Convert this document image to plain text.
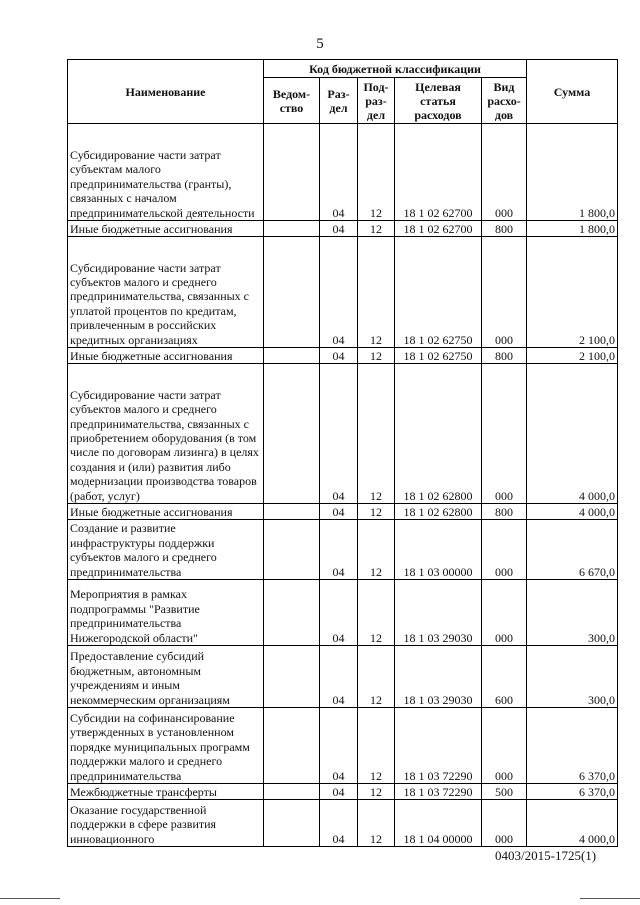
5
Наименование	Код бюджетной классификации					Сумма
	Ведом-ство	Раз-дел	Под-раз-дел	Целевая статья расходов	Вид расхо-дов	
Субсидирование части затрат субъектам малого предпринимательства (гранты), связанных с началом предпринимательской деятельности		04	12	18 1 02 62700	000	1 800,0
Иные бюджетные ассигнования		04	12	18 1 02 62700	800	1 800,0
Субсидирование части затрат субъектов малого и среднего предпринимательства, связанных с уплатой процентов по кредитам, привлеченным в российских кредитных организациях		04	12	18 1 02 62750	000	2 100,0
Иные бюджетные ассигнования		04	12	18 1 02 62750	800	2 100,0
Субсидирование части затрат субъектов малого и среднего предпринимательства, связанных с приобретением оборудования (в том числе по договорам лизинга) в целях создания и (или) развития либо модернизации производства товаров (работ, услуг)		04	12	18 1 02 62800	000	4 000,0
Иные бюджетные ассигнования		04	12	18 1 02 62800	800	4 000,0
Создание и развитие инфраструктуры поддержки субъектов малого и среднего предпринимательства		04	12	18 1 03 00000	000	6 670,0
Мероприятия в рамках подпрограммы "Развитие предпринимательства Нижегородской области"		04	12	18 1 03 29030	000	300,0
Предоставление субсидий бюджетным, автономным учреждениям и иным некоммерческим организациям		04	12	18 1 03 29030	600	300,0
Субсидии на софинансирование утвержденных в установленном порядке муниципальных программ поддержки малого и среднего предпринимательства		04	12	18 1 03 72290	000	6 370,0
Межбюджетные трансферты		04	12	18 1 03 72290	500	6 370,0
Оказание государственной поддержки в сфере развития инновационного		04	12	18 1 04 00000	000	4 000,0
0403/2015-1725(1)
